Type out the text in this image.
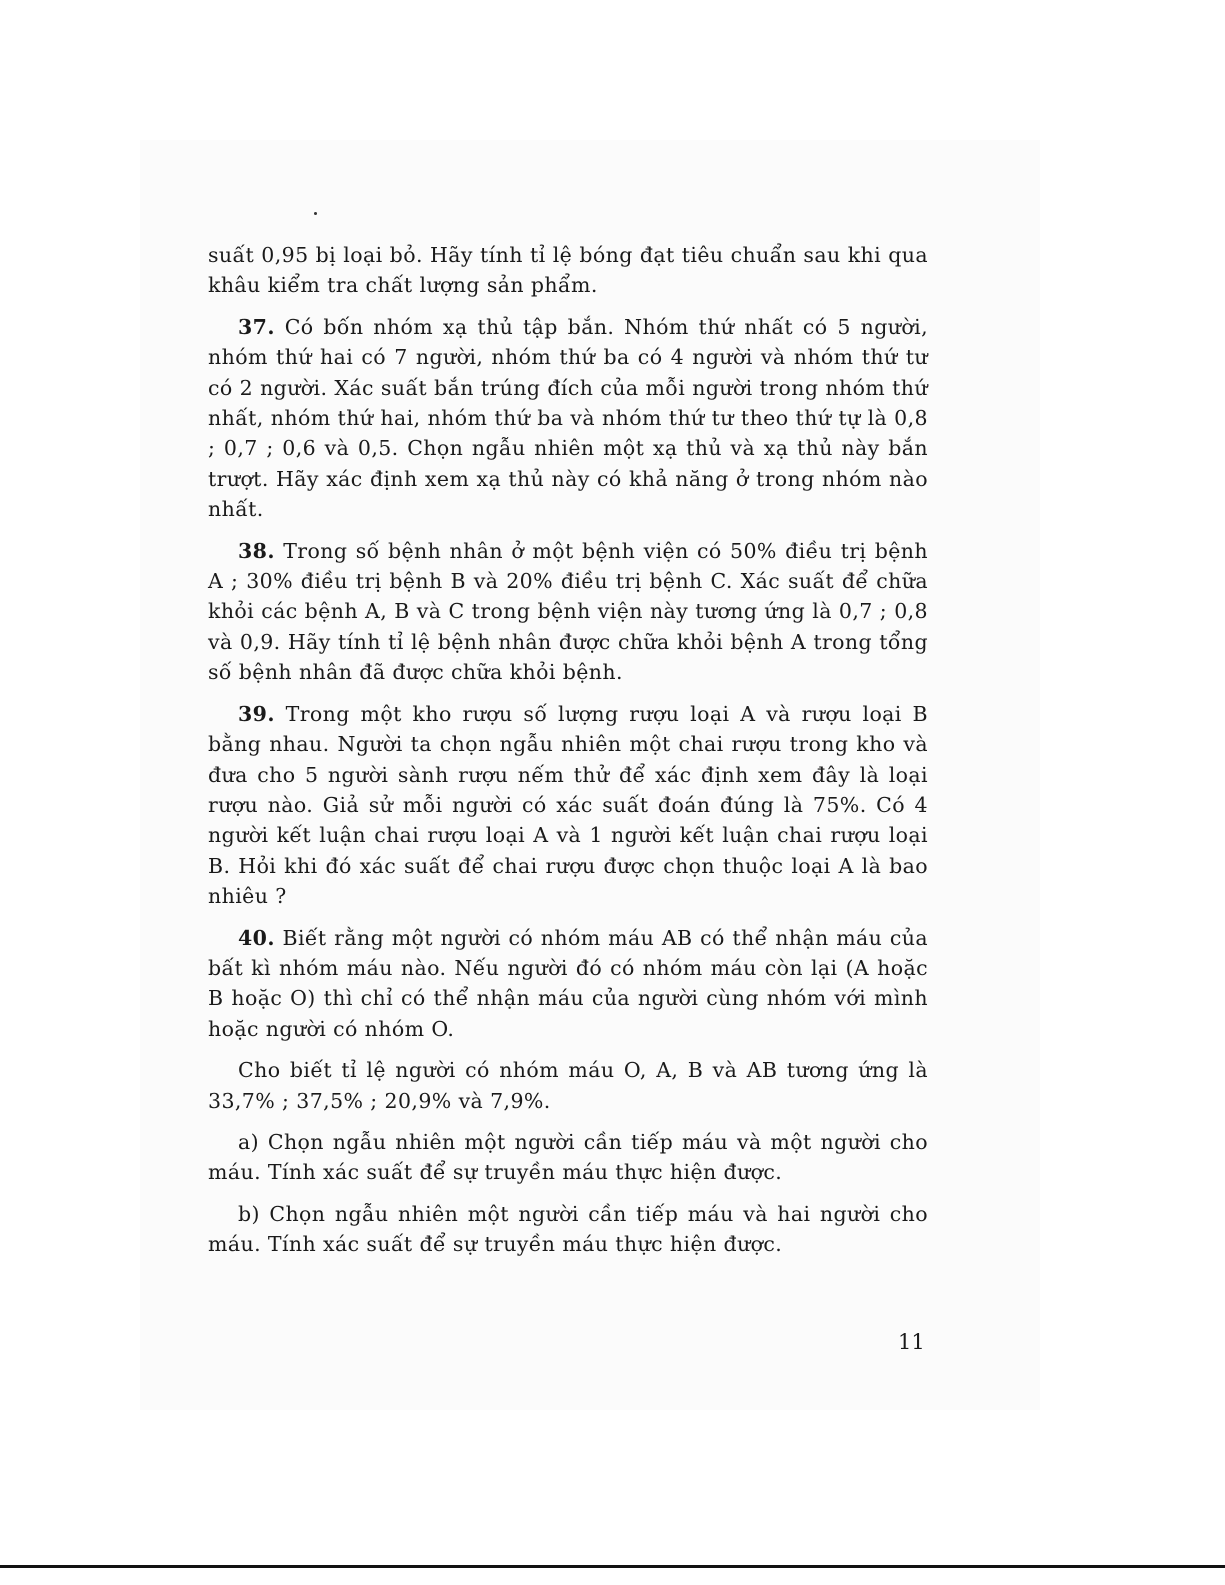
suất 0,95 bị loại bỏ. Hãy tính tỉ lệ bóng đạt tiêu chuẩn sau khi qua khâu kiểm tra chất lượng sản phẩm.

37. Có bốn nhóm xạ thủ tập bắn. Nhóm thứ nhất có 5 người, nhóm thứ hai có 7 người, nhóm thứ ba có 4 người và nhóm thứ tư có 2 người. Xác suất bắn trúng đích của mỗi người trong nhóm thứ nhất, nhóm thứ hai, nhóm thứ ba và nhóm thứ tư theo thứ tự là 0,8 ; 0,7 ; 0,6 và 0,5. Chọn ngẫu nhiên một xạ thủ và xạ thủ này bắn trượt. Hãy xác định xem xạ thủ này có khả năng ở trong nhóm nào nhất.

38. Trong số bệnh nhân ở một bệnh viện có 50% điều trị bệnh A ; 30% điều trị bệnh B và 20% điều trị bệnh C. Xác suất để chữa khỏi các bệnh A, B và C trong bệnh viện này tương ứng là 0,7 ; 0,8 và 0,9. Hãy tính tỉ lệ bệnh nhân được chữa khỏi bệnh A trong tổng số bệnh nhân đã được chữa khỏi bệnh.

39. Trong một kho rượu số lượng rượu loại A và rượu loại B bằng nhau. Người ta chọn ngẫu nhiên một chai rượu trong kho và đưa cho 5 người sành rượu nếm thử để xác định xem đây là loại rượu nào. Giả sử mỗi người có xác suất đoán đúng là 75%. Có 4 người kết luận chai rượu loại A và 1 người kết luận chai rượu loại B. Hỏi khi đó xác suất để chai rượu được chọn thuộc loại A là bao nhiêu ?

40. Biết rằng một người có nhóm máu AB có thể nhận máu của bất kì nhóm máu nào. Nếu người đó có nhóm máu còn lại (A hoặc B hoặc O) thì chỉ có thể nhận máu của người cùng nhóm với mình hoặc người có nhóm O.

Cho biết tỉ lệ người có nhóm máu O, A, B và AB tương ứng là 33,7% ; 37,5% ; 20,9% và 7,9%.

a) Chọn ngẫu nhiên một người cần tiếp máu và một người cho máu. Tính xác suất để sự truyền máu thực hiện được.

b) Chọn ngẫu nhiên một người cần tiếp máu và hai người cho máu. Tính xác suất để sự truyền máu thực hiện được.

11
